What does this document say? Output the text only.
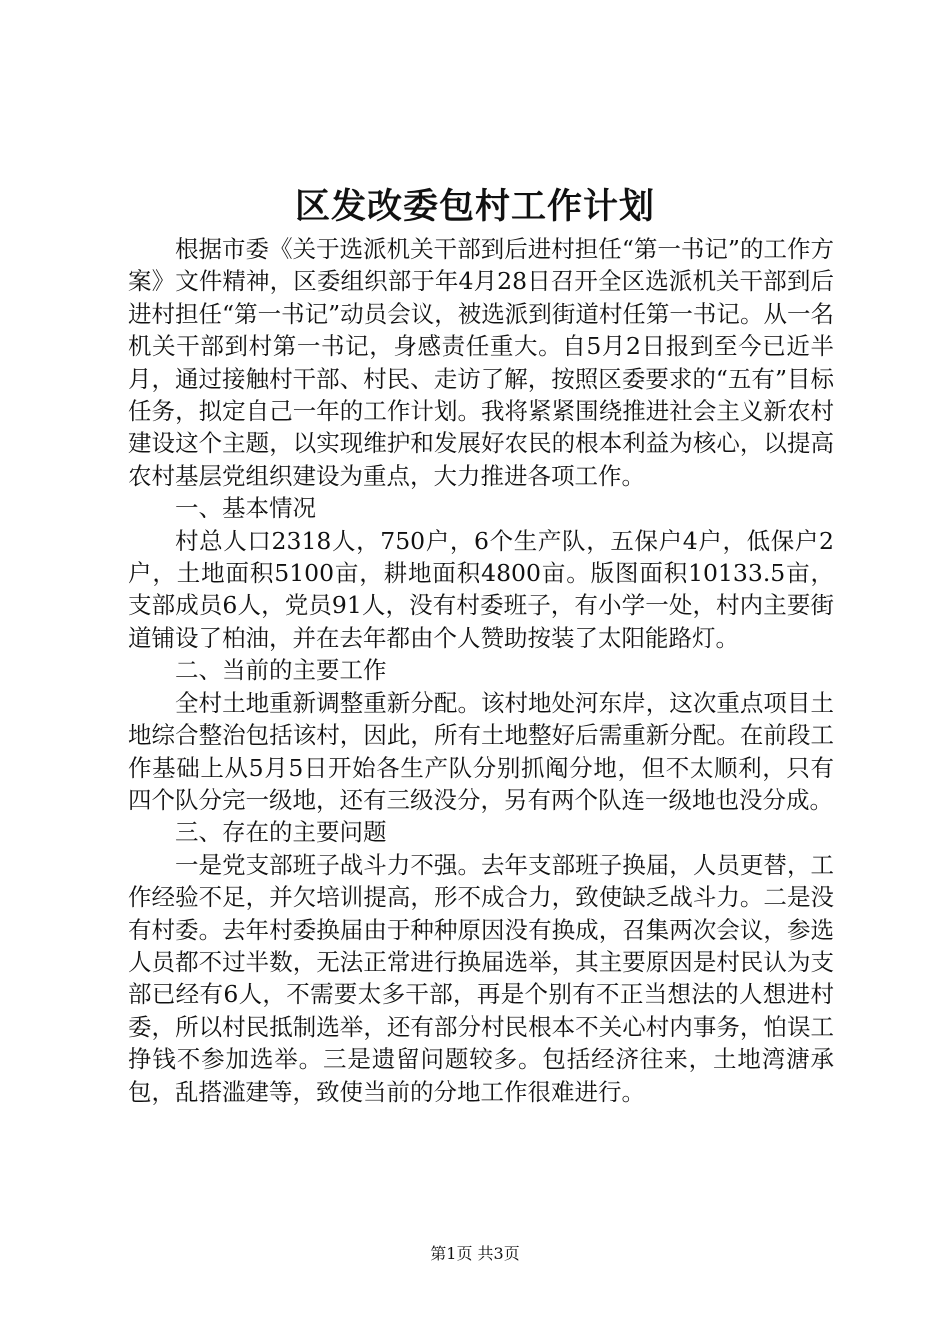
区发改委包村工作计划

根据市委《关于选派机关干部到后进村担任“第一书记”的工作方案》文件精神，区委组织部于年4月28日召开全区选派机关干部到后进村担任“第一书记”动员会议，被选派到街道村任第一书记。从一名机关干部到村第一书记，身感责任重大。自5月2日报到至今已近半月，通过接触村干部、村民、走访了解，按照区委要求的“五有”目标任务，拟定自己一年的工作计划。我将紧紧围绕推进社会主义新农村建设这个主题，以实现维护和发展好农民的根本利益为核心，以提高农村基层党组织建设为重点，大力推进各项工作。

一、基本情况

村总人口2318人，750户，6个生产队，五保户4户，低保户2户，土地面积5100亩，耕地面积4800亩。版图面积10133.5亩，支部成员6人，党员91人，没有村委班子，有小学一处，村内主要街道铺设了柏油，并在去年都由个人赞助按装了太阳能路灯。

二、当前的主要工作

全村土地重新调整重新分配。该村地处河东岸，这次重点项目土地综合整治包括该村，因此，所有土地整好后需重新分配。在前段工作基础上从5月5日开始各生产队分别抓阄分地，但不太顺利，只有四个队分完一级地，还有三级没分，另有两个队连一级地也没分成。

三、存在的主要问题

一是党支部班子战斗力不强。去年支部班子换届，人员更替，工作经验不足，并欠培训提高，形不成合力，致使缺乏战斗力。二是没有村委。去年村委换届由于种种原因没有换成，召集两次会议，参选人员都不过半数，无法正常进行换届选举，其主要原因是村民认为支部已经有6人，不需要太多干部，再是个别有不正当想法的人想进村委，所以村民抵制选举，还有部分村民根本不关心村内事务，怕误工挣钱不参加选举。三是遗留问题较多。包括经济往来，土地湾溏承包，乱搭滥建等，致使当前的分地工作很难进行。

第1页 共3页
